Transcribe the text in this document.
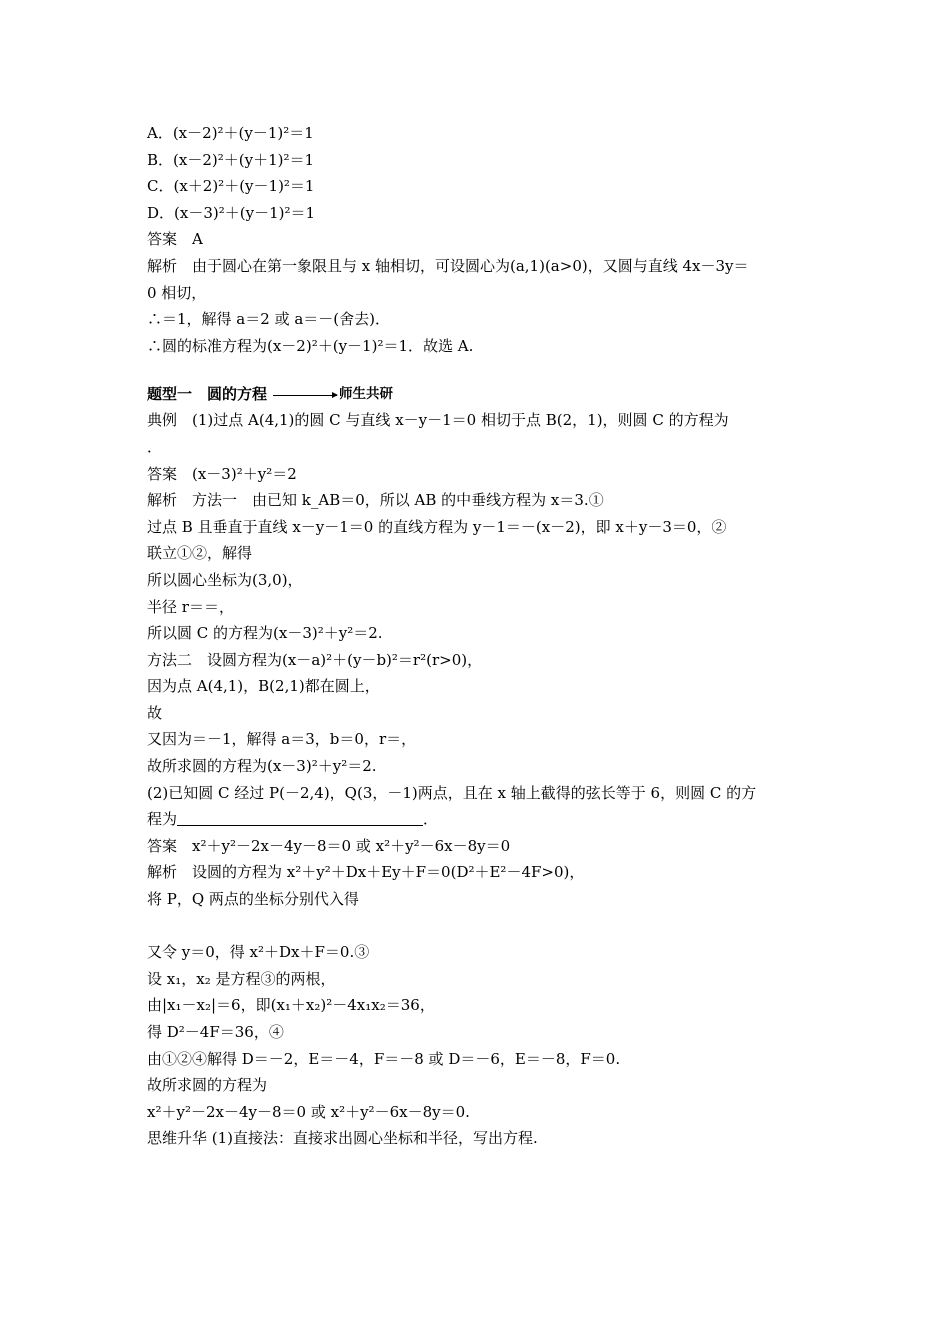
A．(x－2)²＋(y－1)²＝1
B．(x－2)²＋(y＋1)²＝1
C．(x＋2)²＋(y－1)²＝1
D．(x－3)²＋(y－1)²＝1
答案　A
解析　由于圆心在第一象限且与 x 轴相切，可设圆心为(a,1)(a>0)，又圆与直线 4x－3y＝
0 相切，
∴＝1，解得 a＝2 或 a＝－(舍去)．
∴圆的标准方程为(x－2)²＋(y－1)²＝1．故选 A.
题型一　圆的方程	师生共研
典例　(1)过点 A(4,1)的圆 C 与直线 x－y－1＝0 相切于点 B(2，1)，则圆 C 的方程为
．
答案　(x－3)²＋y²＝2
解析　方法一　由已知 k_AB＝0，所以 AB 的中垂线方程为 x＝3.①
过点 B 且垂直于直线 x－y－1＝0 的直线方程为 y－1＝－(x－2)，即 x＋y－3＝0，②
联立①②，解得
所以圆心坐标为(3,0)，
半径 r＝＝，
所以圆 C 的方程为(x－3)²＋y²＝2.
方法二　设圆方程为(x－a)²＋(y－b)²＝r²(r>0)，
因为点 A(4,1)，B(2,1)都在圆上，
故
又因为＝－1，解得 a＝3，b＝0，r＝，
故所求圆的方程为(x－3)²＋y²＝2.
(2)已知圆 C 经过 P(－2,4)，Q(3，－1)两点，且在 x 轴上截得的弦长等于 6，则圆 C 的方
程为	．
答案　x²＋y²－2x－4y－8＝0 或 x²＋y²－6x－8y＝0
解析　设圆的方程为 x²＋y²＋Dx＋Ey＋F＝0(D²＋E²－4F>0)，
将 P，Q 两点的坐标分别代入得
又令 y＝0，得 x²＋Dx＋F＝0.③
设 x₁，x₂ 是方程③的两根，
由|x₁－x₂|＝6，即(x₁＋x₂)²－4x₁x₂＝36，
得 D²－4F＝36，④
由①②④解得 D＝－2，E＝－4，F＝－8 或 D＝－6，E＝－8，F＝0.
故所求圆的方程为
x²＋y²－2x－4y－8＝0 或 x²＋y²－6x－8y＝0.
思维升华 (1)直接法：直接求出圆心坐标和半径，写出方程.
